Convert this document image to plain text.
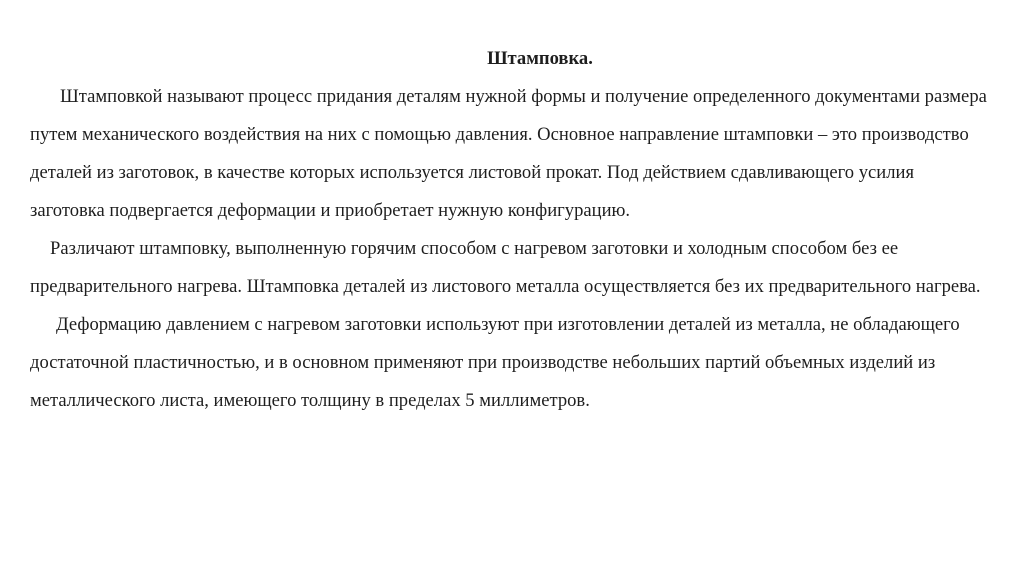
Штамповка.

Штамповкой называют процесс придания деталям нужной формы и получение определенного документами размера путем механического воздействия на них с помощью давления. Основное направление штамповки – это производство деталей из заготовок, в качестве которых используется листовой прокат. Под действием сдавливающего усилия заготовка подвергается деформации и приобретает нужную конфигурацию.

Различают штамповку, выполненную горячим способом с нагревом заготовки и холодным способом без ее предварительного нагрева. Штамповка деталей из листового металла осуществляется без их предварительного нагрева.

Деформацию давлением с нагревом заготовки используют при изготовлении деталей из металла, не обладающего достаточной пластичностью, и в основном применяют при производстве небольших партий объемных изделий из металлического листа, имеющего толщину в пределах 5 миллиметров.
